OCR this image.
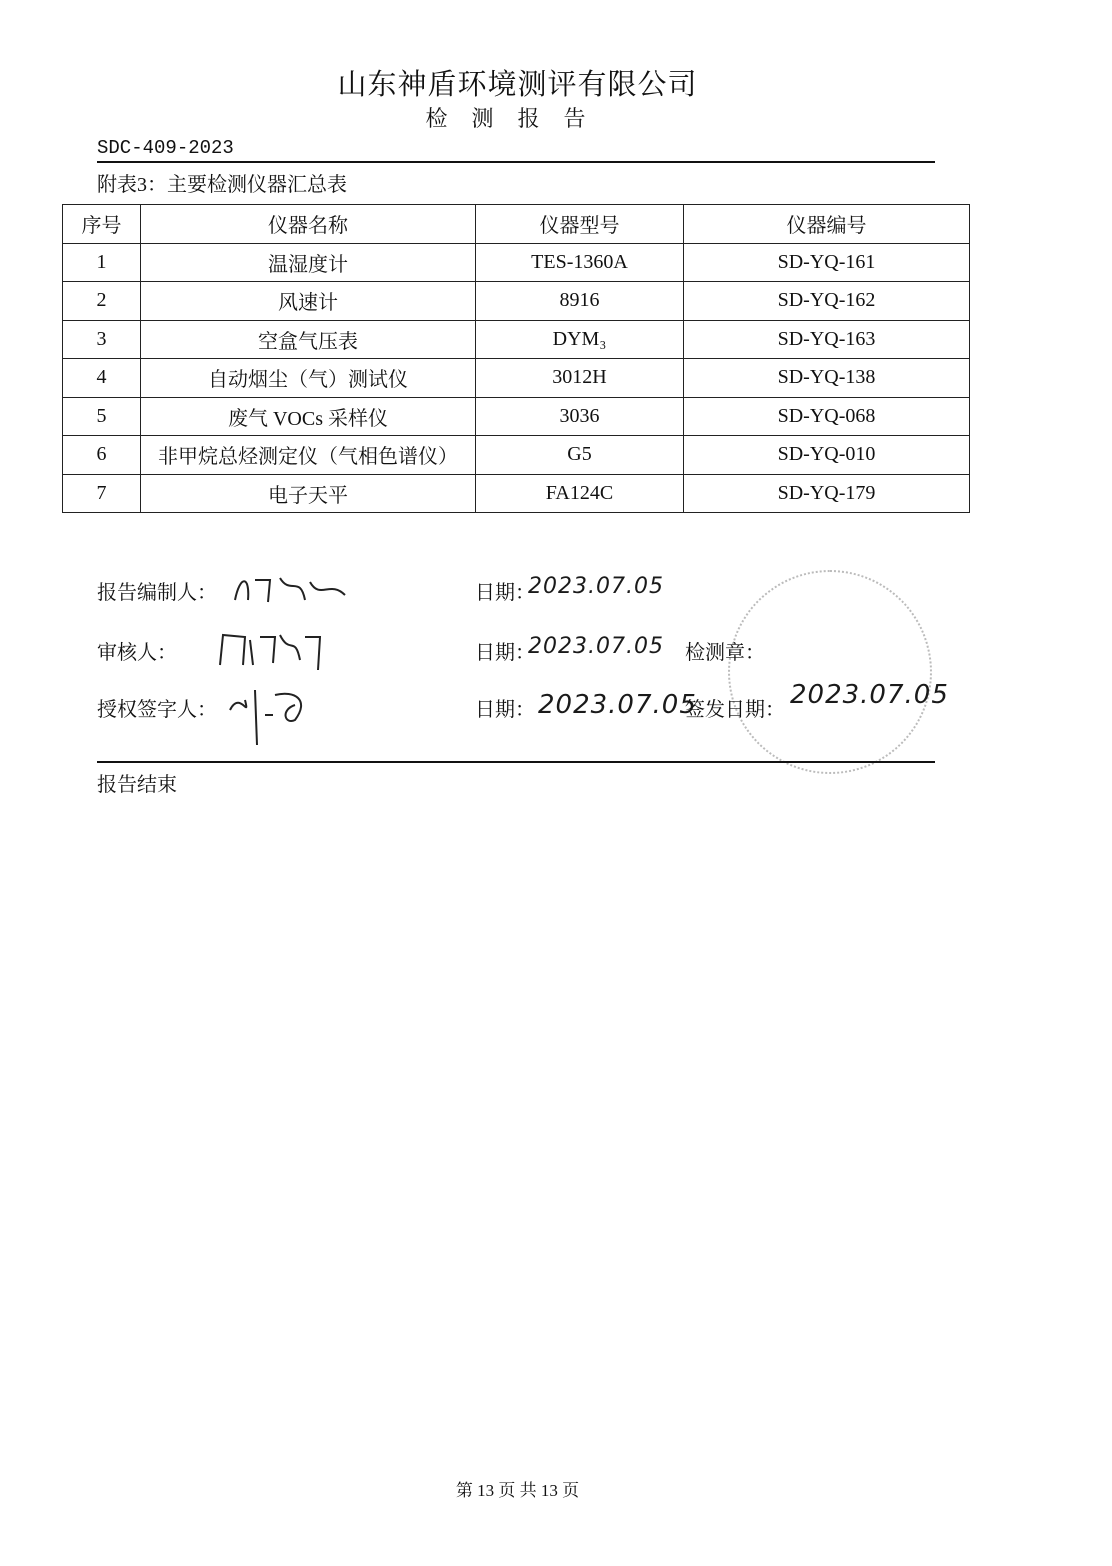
山东神盾环境测评有限公司
检测报告
SDC-409-2023
附表3：主要检测仪器汇总表
序号	仪器名称	仪器型号	仪器编号
1	温湿度计	TES-1360A	SD-YQ-161
2	风速计	8916	SD-YQ-162
3	空盒气压表	DYM₃	SD-YQ-163
4	自动烟尘（气）测试仪	3012H	SD-YQ-138
5	废气 VOCs 采样仪	3036	SD-YQ-068
6	非甲烷总烃测定仪（气相色谱仪）	G5	SD-YQ-010
7	电子天平	FA124C	SD-YQ-179
报告编制人：	日期：
2023.07.05
审核人：	日期：
2023.07.05 检测章：
授权签字人：	日期： 2023.07.05
签发日期： 2023.07.05
报告结束
第 13 页 共 13 页
